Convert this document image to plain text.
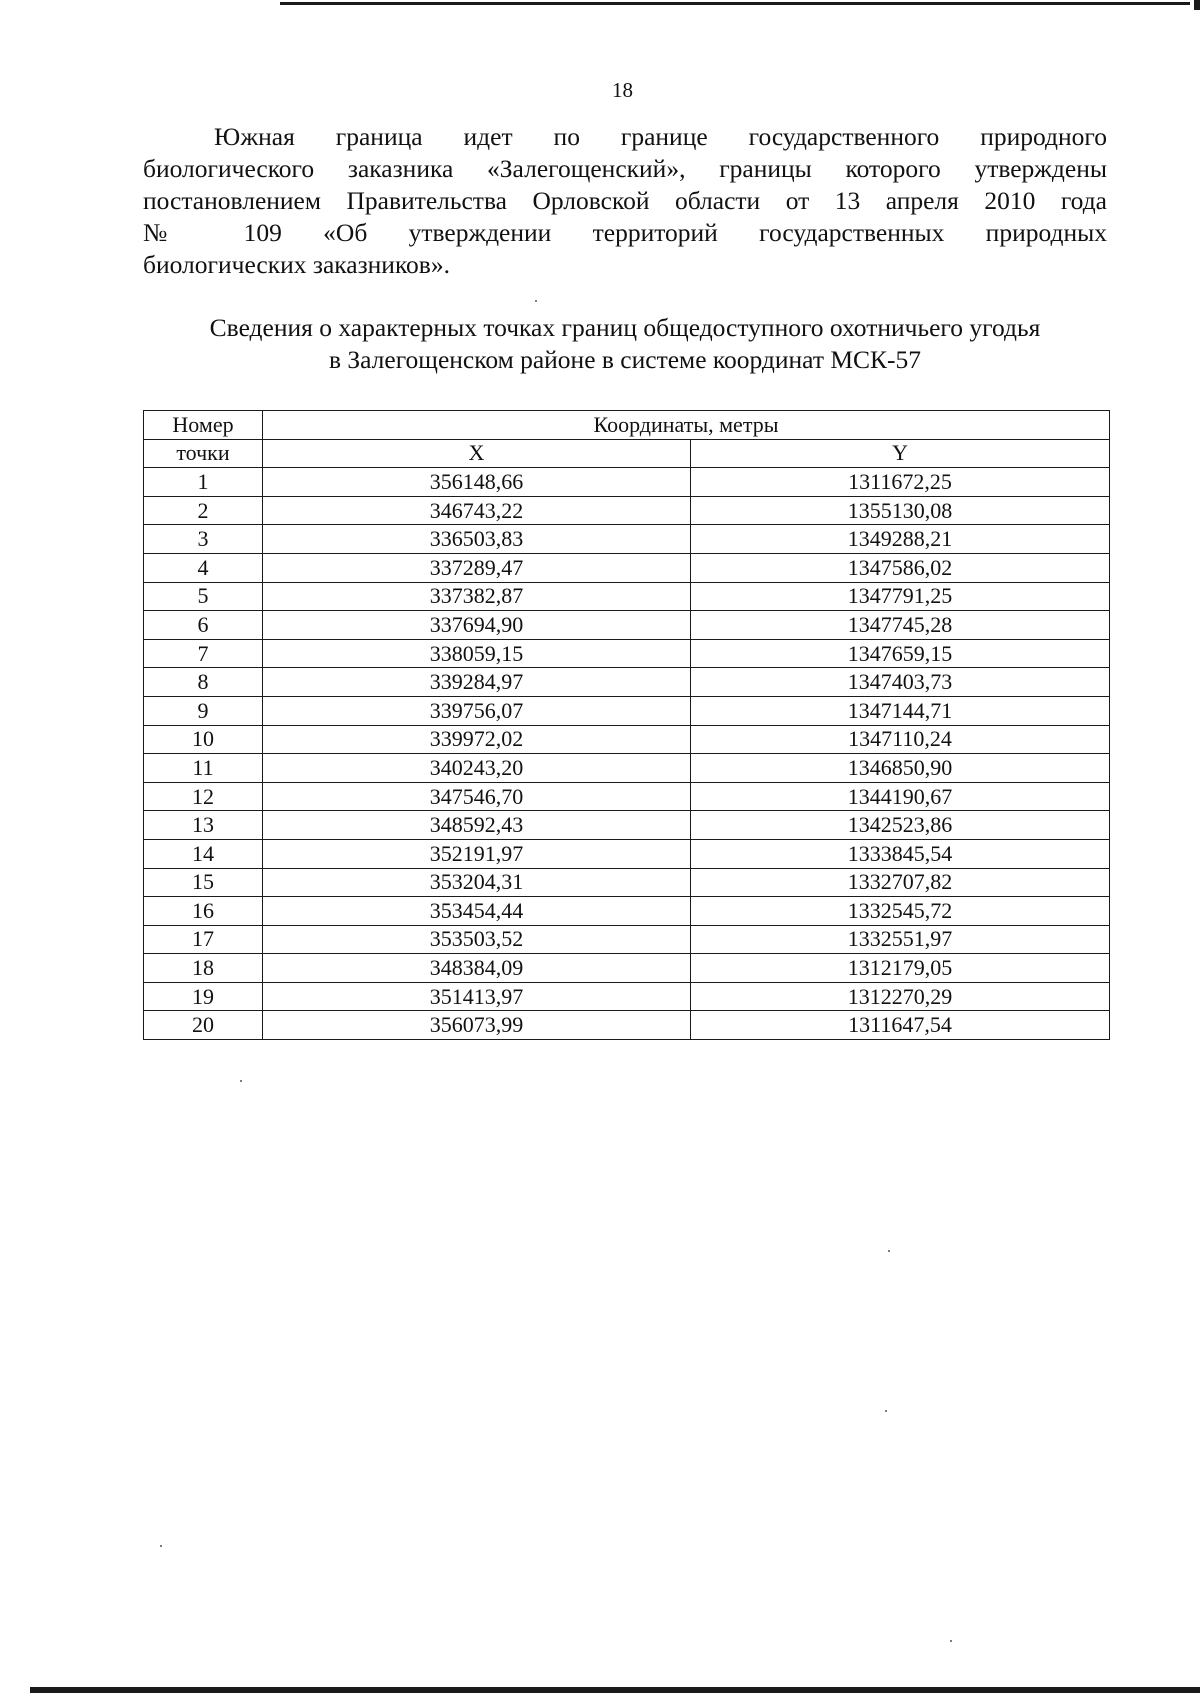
18
Южная граница идет по границе государственного природного
биологического заказника «Залегощенский», границы которого утверждены
постановлением Правительства Орловской области от 13 апреля 2010 года
№ 109 «Об утверждении территорий государственных природных
биологических заказников».
Сведения о характерных точках границ общедоступного охотничьего угодья
в Залегощенском районе в системе координат МСК-57
Номер	Координаты, метры	
точки	X	Y
1	356148,66	1311672,25
2	346743,22	1355130,08
3	336503,83	1349288,21
4	337289,47	1347586,02
5	337382,87	1347791,25
6	337694,90	1347745,28
7	338059,15	1347659,15
8	339284,97	1347403,73
9	339756,07	1347144,71
10	339972,02	1347110,24
11	340243,20	1346850,90
12	347546,70	1344190,67
13	348592,43	1342523,86
14	352191,97	1333845,54
15	353204,31	1332707,82
16	353454,44	1332545,72
17	353503,52	1332551,97
18	348384,09	1312179,05
19	351413,97	1312270,29
20	356073,99	1311647,54
